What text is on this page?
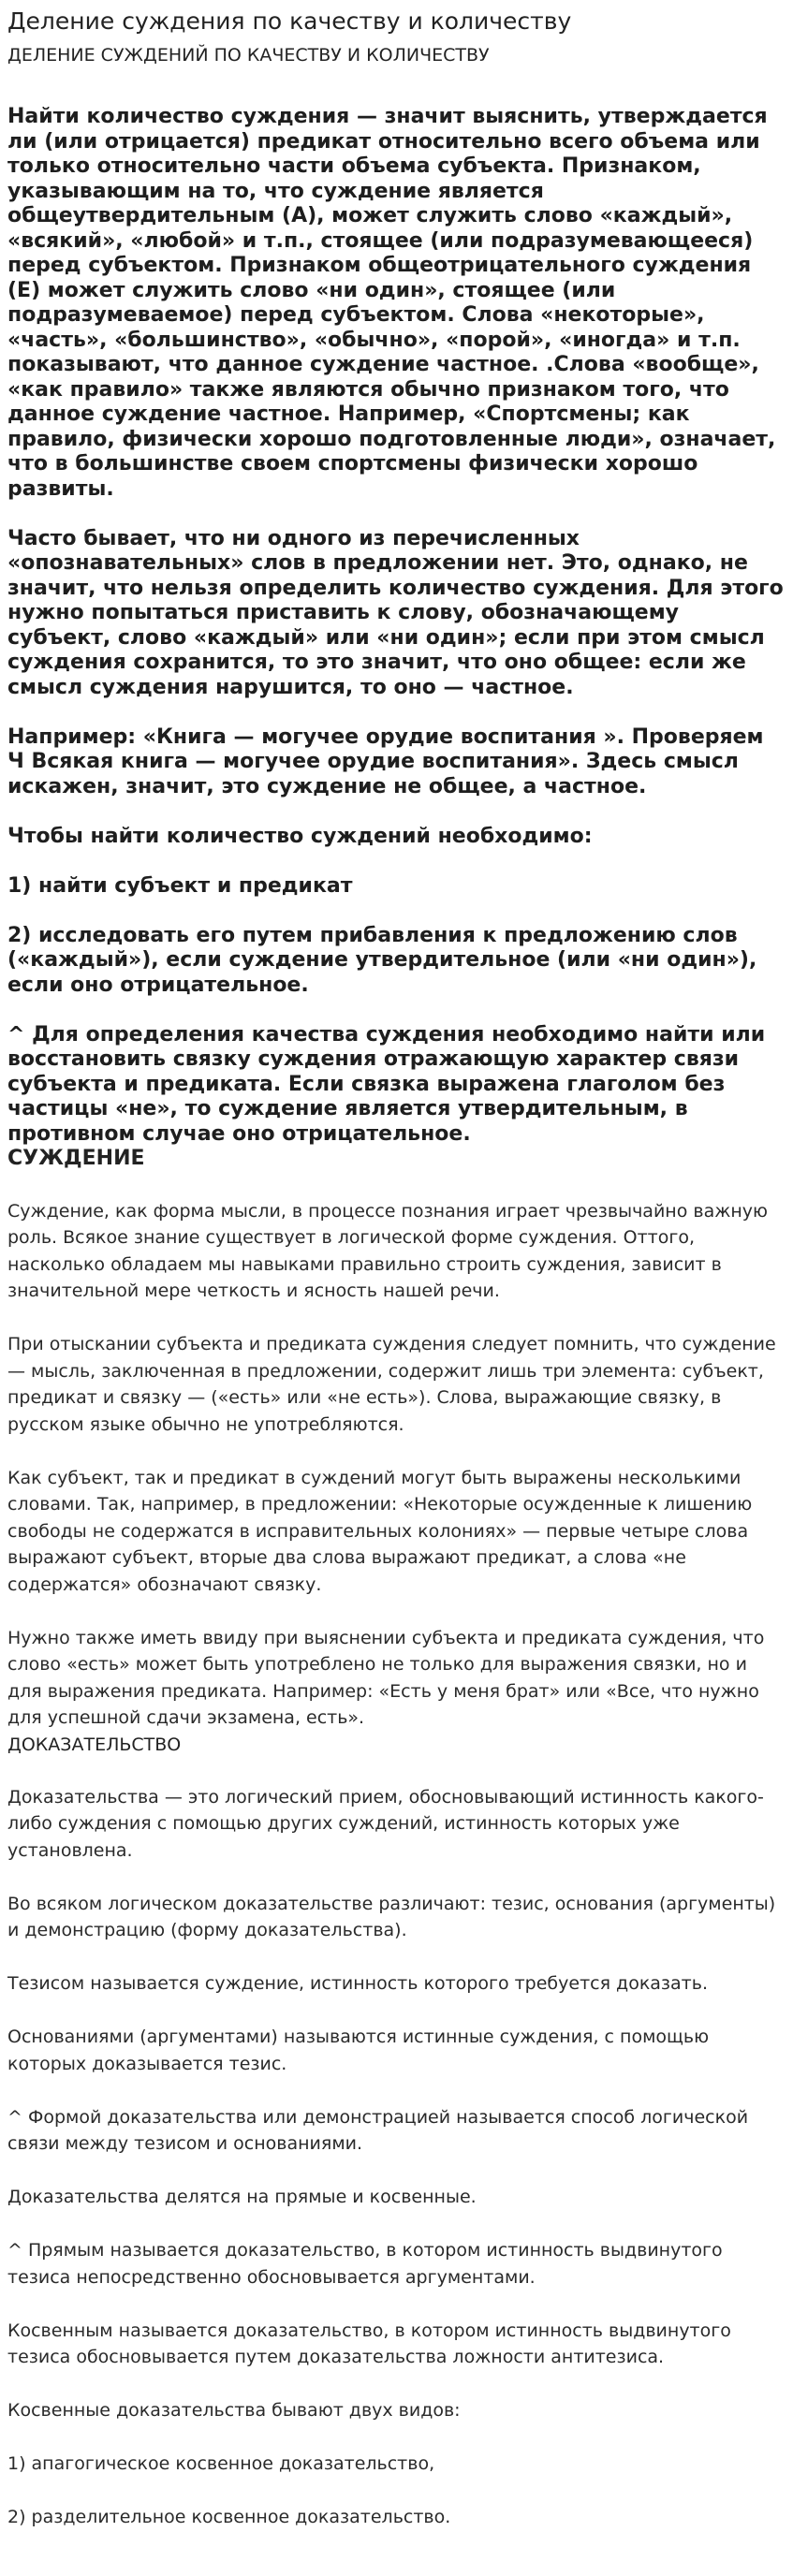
Деление суждения по качеству и количеству
ДЕЛЕНИЕ СУЖДЕНИЙ ПО КАЧЕСТВУ И КОЛИЧЕСТВУ

Найти количество суждения — значит выяснить, утверждается ли (или отрицается) предикат относительно всего объема или только относительно части объема субъекта. Признаком, указывающим на то, что суждение является общеутвердительным (А), может служить слово «каждый», «всякий», «любой» и т.п., стоящее (или подразумевающееся) перед субъектом. Признаком общеотрицательного суждения (Е) может служить слово «ни один», стоящее (или подразумеваемое) перед субъектом. Слова «некоторые», «часть», «большинство», «обычно», «порой», «иногда» и т.п. показывают, что данное суждение частное. .Слова «вообще», «как правило» также являются обычно признаком того, что данное суждение частное. Например, «Спортсмены; как правило, физически хорошо подготовленные люди», означает, что в большинстве своем спортсмены физически хорошо развиты.

Часто бывает, что ни одного из перечисленных «опознавательных» слов в предложении нет. Это, однако, не значит, что нельзя определить количество суждения. Для этого нужно попытаться приставить к слову, обозначающему субъект, слово «каждый» или «ни один»; если при этом смысл суждения сохранится, то это значит, что оно общее: если же смысл суждения нарушится, то оно — частное.

Например: «Книга — могучее орудие воспитания ». Проверяем Ч Всякая книга — могучее орудие воспитания». Здесь смысл искажен, значит, это суждение не общее, а частное.

Чтобы найти количество суждений необходимо:

1) найти субъект и предикат

2) исследовать его путем прибавления к предложению слов («каждый»), если суждение утвердительное (или «ни один»), если оно отрицательное.

^ Для определения качества суждения необходимо найти или восстановить связку суждения отражающую характер связи субъекта и предиката. Если связка выражена глаголом без частицы «не», то суждение является утвердительным, в противном случае оно отрицательное.

СУЖДЕНИЕ

Суждение, как форма мысли, в процессе познания играет чрезвычайно важную роль. Всякое знание существует в логической форме суждения. Оттого, насколько обладаем мы навыками правильно строить суждения, зависит в значительной мере четкость и ясность нашей речи.

При отыскании субъекта и предиката суждения следует помнить, что суждение — мысль, заключенная в предложении, содержит лишь три элемента: субъект, предикат и связку — («есть» или «не есть»). Слова, выражающие связку, в русском языке обычно не употребляются.

Как субъект, так и предикат в суждений могут быть выражены несколькими словами. Так, например, в предложении: «Некоторые осужденные к лишению свободы не содержатся в исправительных колониях» — первые четыре слова выражают субъект, вторые два слова выражают предикат, а слова «не содержатся» обозначают связку.

Нужно также иметь ввиду при выяснении субъекта и предиката суждения, что слово «есть» может быть употреблено не только для выражения связки, но и для выражения предиката. Например: «Есть у меня брат» или «Все, что нужно для успешной сдачи экзамена, есть».

ДОКАЗАТЕЛЬСТВО

Доказательства — это логический прием, обосновывающий истинность какого-либо суждения с помощью других суждений, истинность которых уже установлена.

Во всяком логическом доказательстве различают: тезис, основания (аргументы) и демонстрацию (форму доказательства).

Тезисом называется суждение, истинность которого требуется доказать.

Основаниями (аргументами) называются истинные суждения, с помощью которых доказывается тезис.

^ Формой доказательства или демонстрацией называется способ логической связи между тезисом и основаниями.

Доказательства делятся на прямые и косвенные.

^ Прямым называется доказательство, в котором истинность выдвинутого тезиса непосредственно обосновывается аргументами.

Косвенным называется доказательство, в котором истинность выдвинутого тезиса обосновывается путем доказательства ложности антитезиса.

Косвенные доказательства бывают двух видов:

1) апагогическое косвенное доказательство,

2) разделительное косвенное доказательство.
